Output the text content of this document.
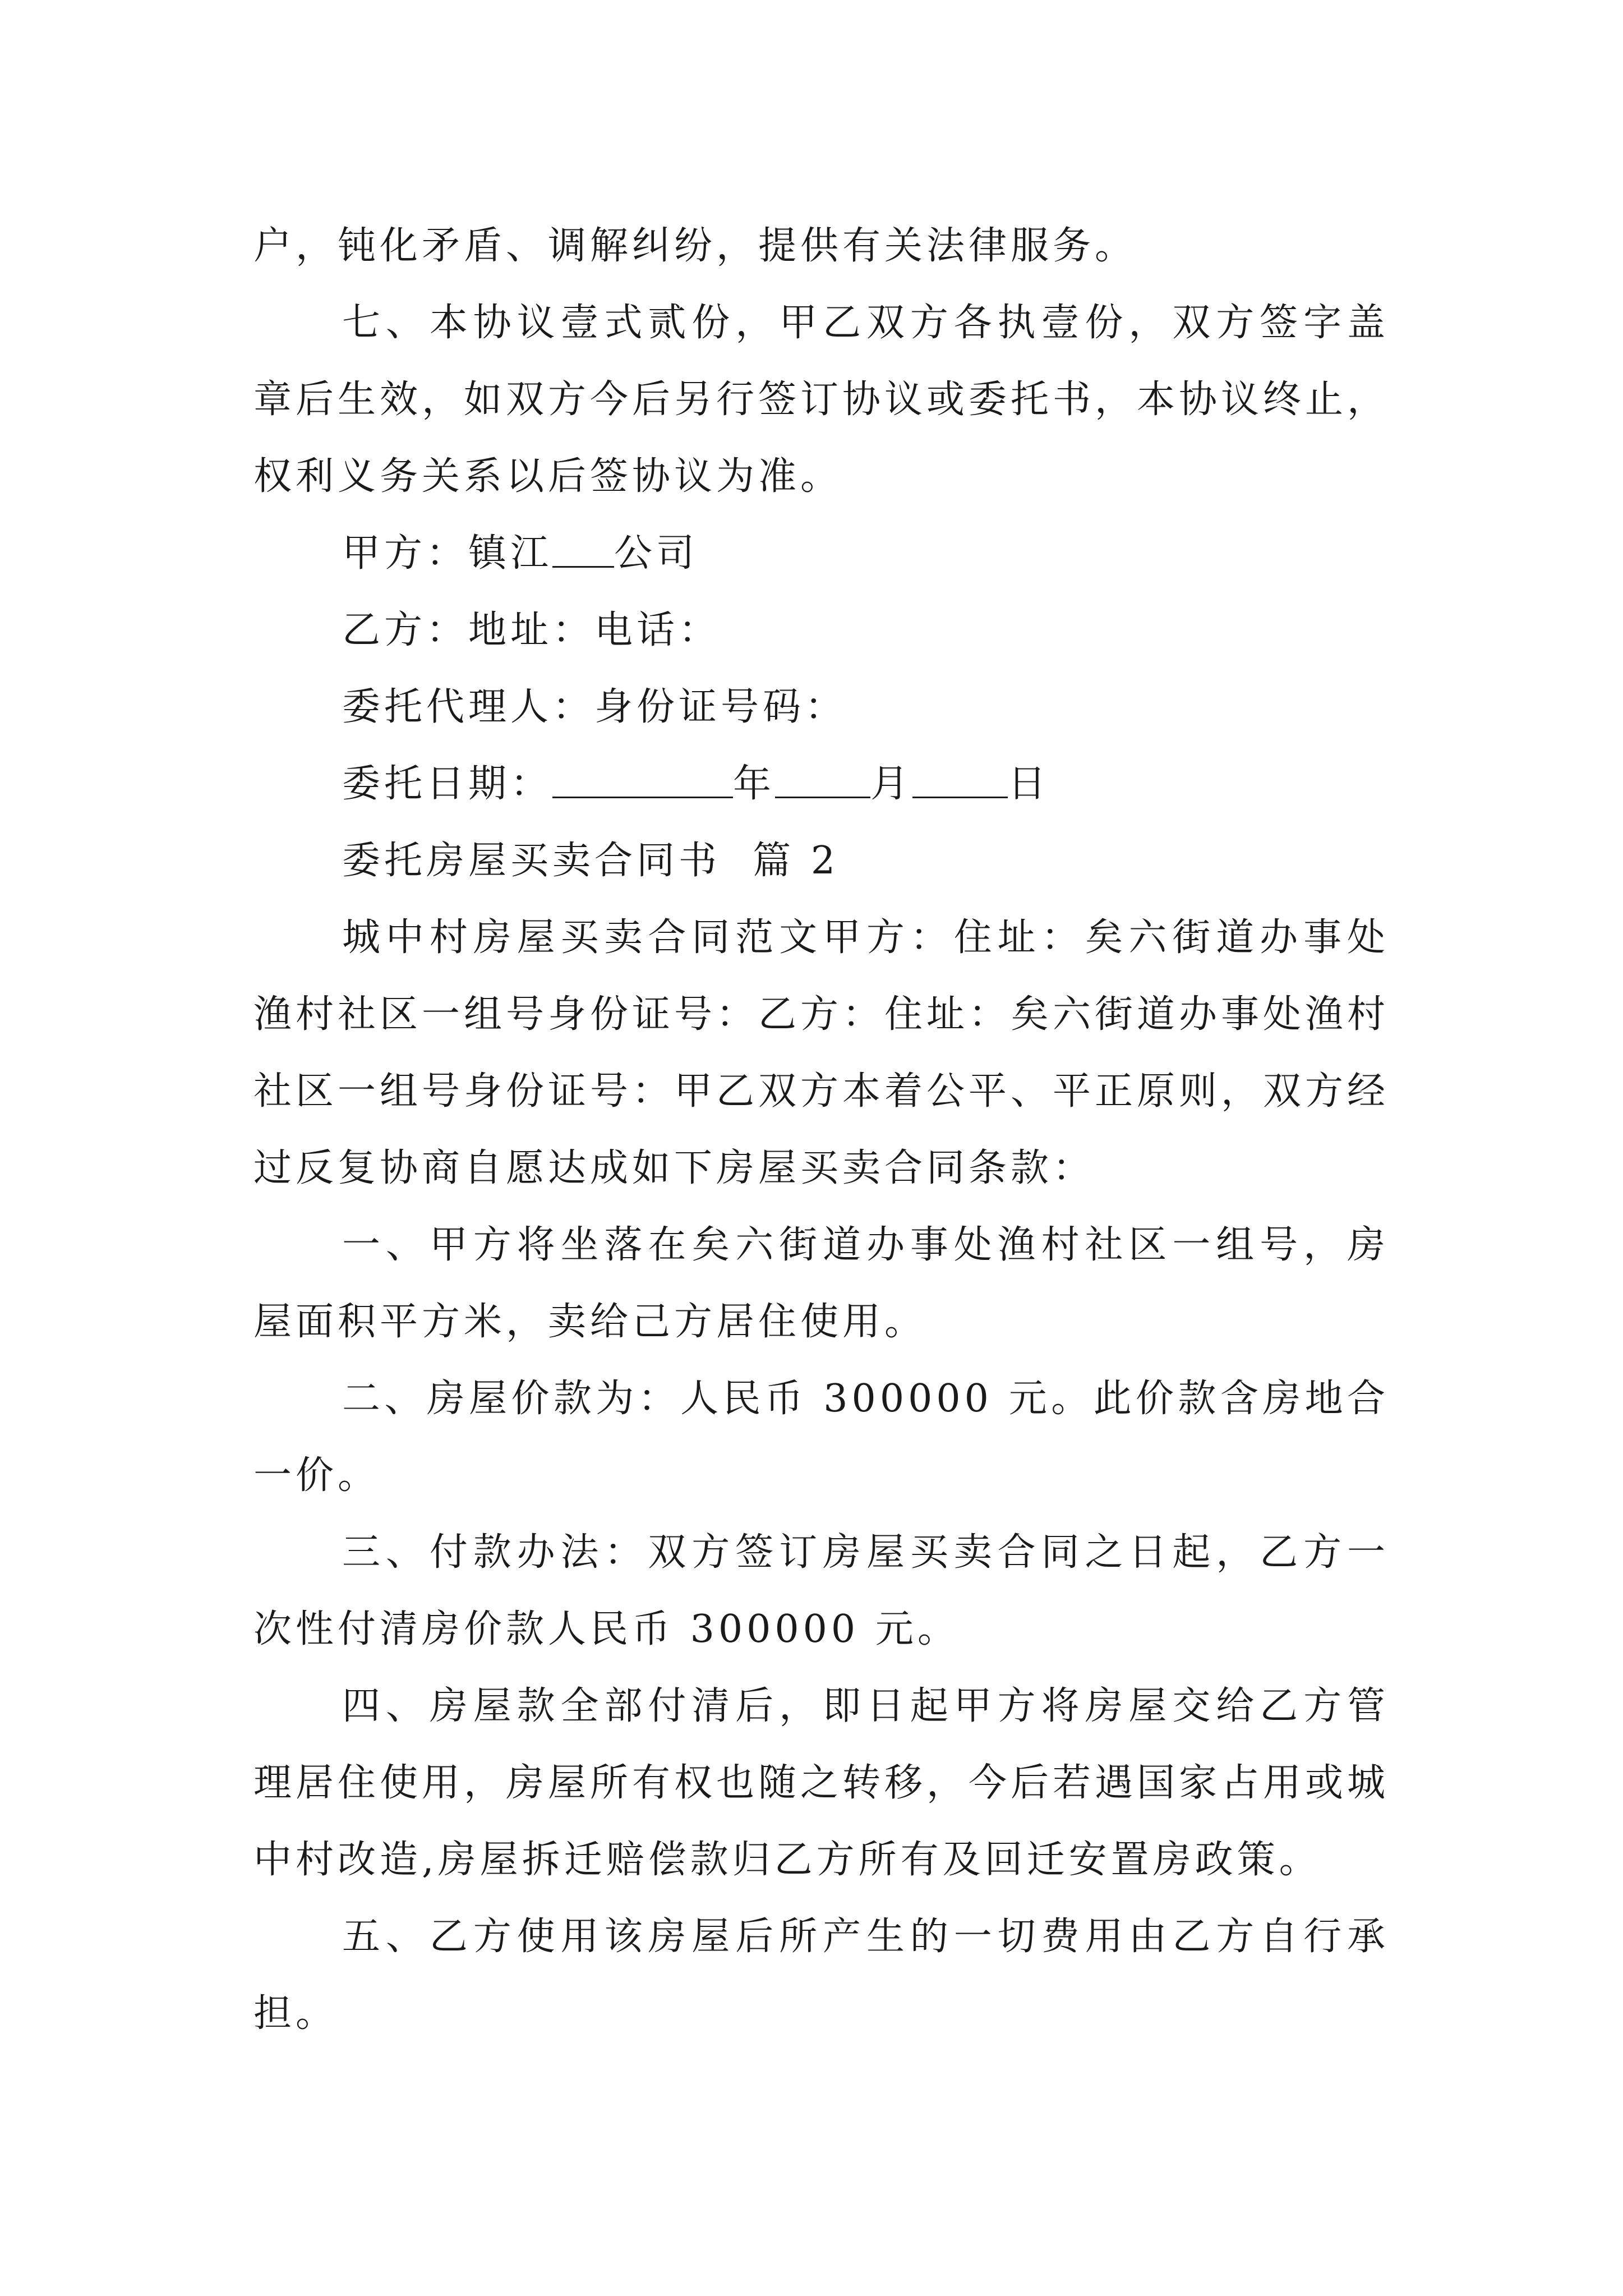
户，钝化矛盾、调解纠纷，提供有关法律服务。

七、本协议壹式贰份，甲乙双方各执壹份，双方签字盖章后生效，如双方今后另行签订协议或委托书，本协议终止，权利义务关系以后签协议为准。

甲方：镇江 公司

乙方：地址：电话：

委托代理人：身份证号码：

委托日期：	年	月	日

委托房屋买卖合同书  篇 2

城中村房屋买卖合同范文甲方：住址：矣六街道办事处渔村社区一组号身份证号：乙方：住址：矣六街道办事处渔村社区一组号身份证号：甲乙双方本着公平、平正原则，双方经过反复协商自愿达成如下房屋买卖合同条款：

一、甲方将坐落在矣六街道办事处渔村社区一组号，房屋面积平方米，卖给己方居住使用。

二、房屋价款为：人民币 300000 元。此价款含房地合一价。

三、付款办法：双方签订房屋买卖合同之日起，乙方一次性付清房价款人民币 300000 元。

四、房屋款全部付清后，即日起甲方将房屋交给乙方管理居住使用，房屋所有权也随之转移，今后若遇国家占用或城中村改造,房屋拆迁赔偿款归乙方所有及回迁安置房政策。

五、乙方使用该房屋后所产生的一切费用由乙方自行承担。
